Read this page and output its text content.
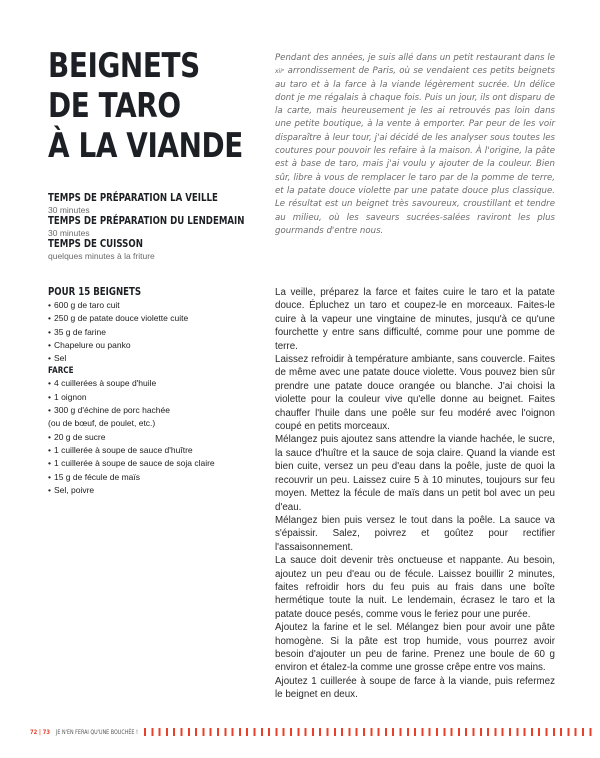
BEIGNETS
DE TARO
À LA VIANDE
TEMPS DE PRÉPARATION LA VEILLE
30 minutes
TEMPS DE PRÉPARATION DU LENDEMAIN
30 minutes
TEMPS DE CUISSON
quelques minutes à la friture
POUR 15 BEIGNETS
• 600 g de taro cuit
• 250 g de patate douce violette cuite
• 35 g de farine
• Chapelure ou panko
• Sel
FARCE
• 4 cuillerées à soupe d'huile
• 1 oignon
• 300 g d'échine de porc hachée
(ou de bœuf, de poulet, etc.)
• 20 g de sucre
• 1 cuillerée à soupe de sauce d'huître
• 1 cuillerée à soupe de sauce de soja claire
• 15 g de fécule de maïs
• Sel, poivre
Pendant des années, je suis allé dans un petit restaurant dans le xiiᵉ arrondissement de Paris, où se vendaient ces petits beignets au taro et à la farce à la viande légèrement sucrée. Un délice dont je me régalais à chaque fois. Puis un jour, ils ont disparu de la carte, mais heureusement je les ai retrouvés pas loin dans une petite boutique, à la vente à emporter. Par peur de les voir disparaître à leur tour, j'ai décidé de les analyser sous toutes les coutures pour pouvoir les refaire à la maison. À l'origine, la pâte est à base de taro, mais j'ai voulu y ajouter de la couleur. Bien sûr, libre à vous de remplacer le taro par de la pomme de terre, et la patate douce violette par une patate douce plus classique. Le résultat est un beignet très savoureux, croustillant et tendre au milieu, où les saveurs sucrées-salées raviront les plus gourmands d'entre nous.

La veille, préparez la farce et faites cuire le taro et la patate douce. Épluchez un taro et coupez-le en morceaux. Faites-le cuire à la vapeur une vingtaine de minutes, jusqu'à ce qu'une fourchette y entre sans difficulté, comme pour une pomme de terre.

Laissez refroidir à température ambiante, sans couvercle. Faites de même avec une patate douce violette. Vous pouvez bien sûr prendre une patate douce orangée ou blanche. J'ai choisi la violette pour la couleur vive qu'elle donne au beignet. Faites chauffer l'huile dans une poêle sur feu modéré avec l'oignon coupé en petits morceaux.

Mélangez puis ajoutez sans attendre la viande hachée, le sucre, la sauce d'huître et la sauce de soja claire. Quand la viande est bien cuite, versez un peu d'eau dans la poêle, juste de quoi la recouvrir un peu. Laissez cuire 5 à 10 minutes, toujours sur feu moyen. Mettez la fécule de maïs dans un petit bol avec un peu d'eau.

Mélangez bien puis versez le tout dans la poêle. La sauce va s'épaissir. Salez, poivrez et goûtez pour rectifier l'assaisonnement.

La sauce doit devenir très onctueuse et nappante. Au besoin, ajoutez un peu d'eau ou de fécule. Laissez bouillir 2 minutes, faites refroidir hors du feu puis au frais dans une boîte hermétique toute la nuit. Le lendemain, écrasez le taro et la patate douce pesés, comme vous le feriez pour une purée.

Ajoutez la farine et le sel. Mélangez bien pour avoir une pâte homogène. Si la pâte est trop humide, vous pourrez avoir besoin d'ajouter un peu de farine. Prenez une boule de 60 g environ et étalez-la comme une grosse crêpe entre vos mains.

Ajoutez 1 cuillerée à soupe de farce à la viande, puis refermez le beignet en deux.

72 | 73 JE N'EN FERAI QU'UNE BOUCHÉE !
